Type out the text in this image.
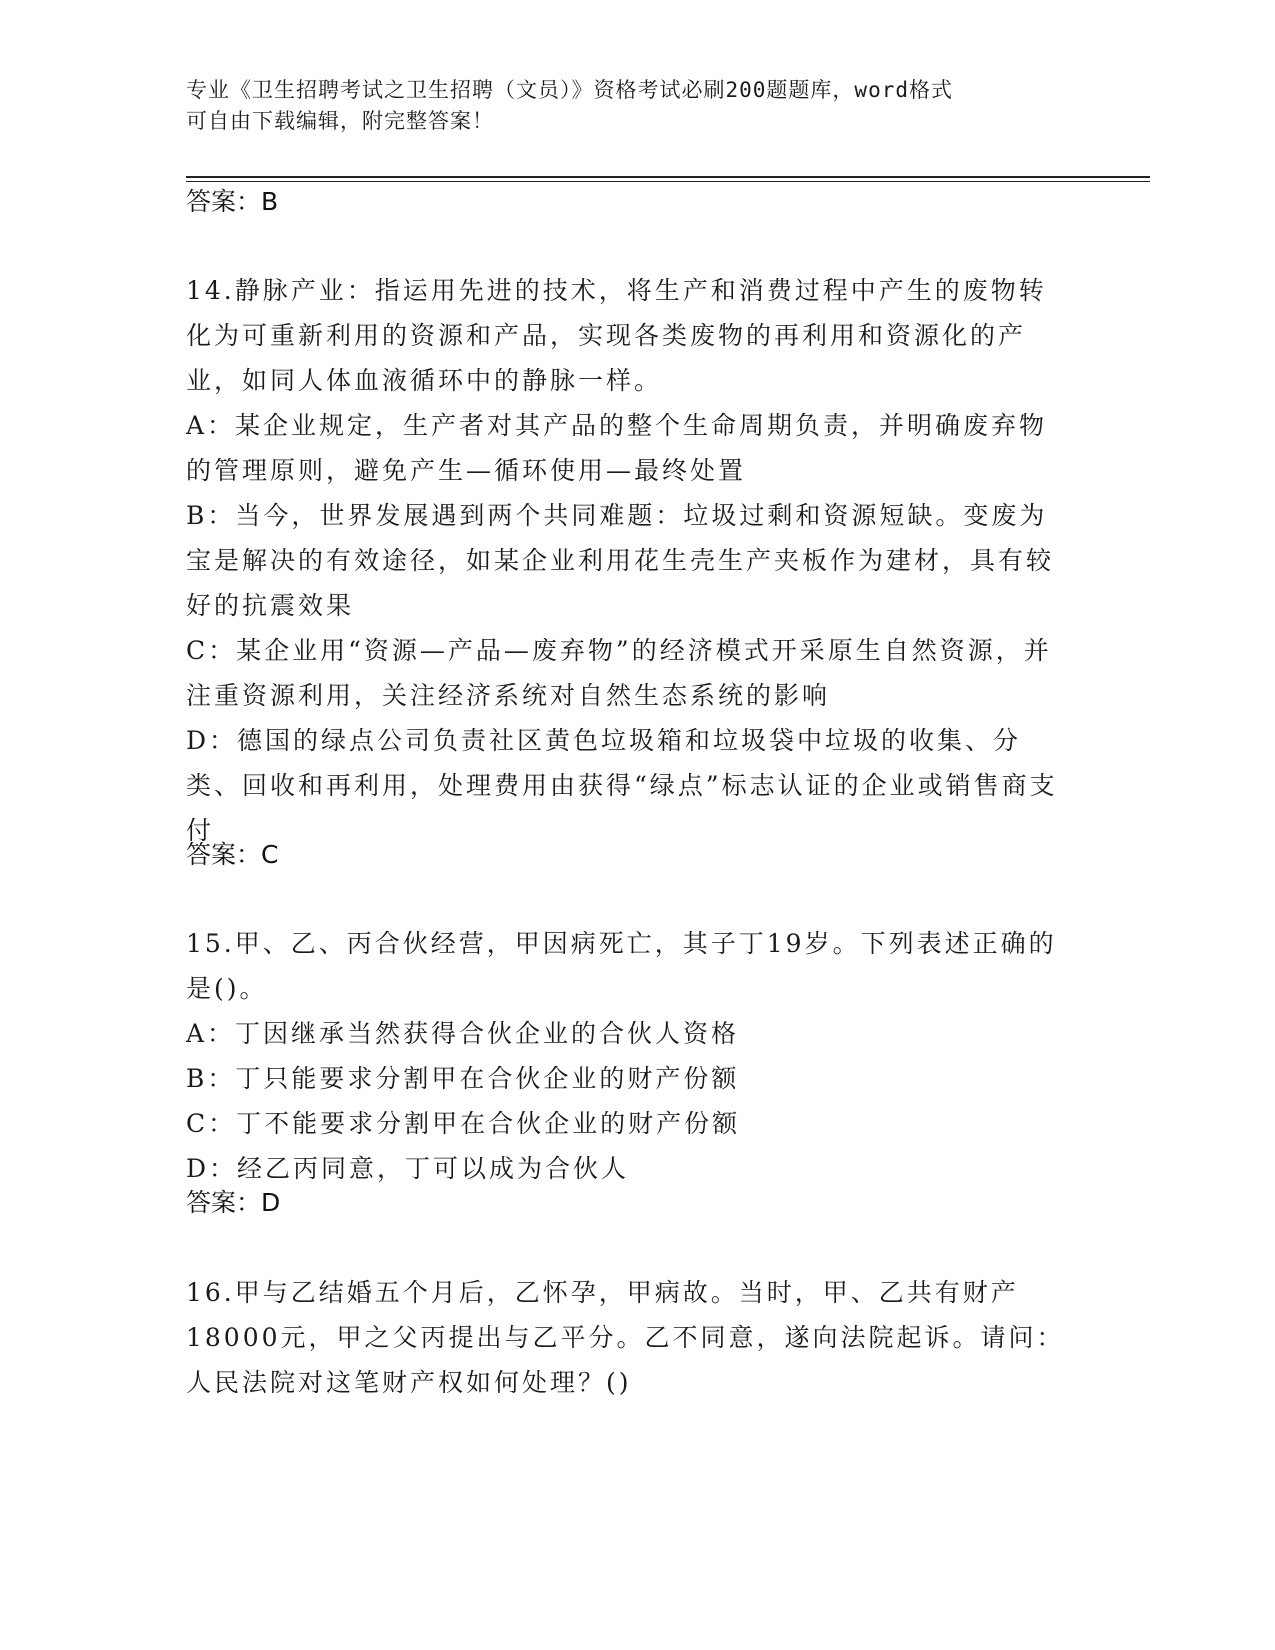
专业《卫生招聘考试之卫生招聘（文员）》资格考试必刷200题题库，word格式
可自由下载编辑，附完整答案！
答案：B

14.静脉产业：指运用先进的技术，将生产和消费过程中产生的废物转化为可重新利用的资源和产品，实现各类废物的再利用和资源化的产业，如同人体血液循环中的静脉一样。

A：某企业规定，生产者对其产品的整个生命周期负责，并明确废弃物的管理原则，避免产生—循环使用—最终处置

B：当今，世界发展遇到两个共同难题：垃圾过剩和资源短缺。变废为宝是解决的有效途径，如某企业利用花生壳生产夹板作为建材，具有较好的抗震效果

C：某企业用“资源—产品—废弃物”的经济模式开采原生自然资源，并注重资源利用，关注经济系统对自然生态系统的影响

D：德国的绿点公司负责社区黄色垃圾箱和垃圾袋中垃圾的收集、分类、回收和再利用，处理费用由获得“绿点”标志认证的企业或销售商支付

答案：C

15.甲、乙、丙合伙经营，甲因病死亡，其子丁19岁。下列表述正确的是()。

A：丁因继承当然获得合伙企业的合伙人资格

B：丁只能要求分割甲在合伙企业的财产份额

C：丁不能要求分割甲在合伙企业的财产份额

D：经乙丙同意，丁可以成为合伙人

答案：D

16.甲与乙结婚五个月后，乙怀孕，甲病故。当时，甲、乙共有财产18000元，甲之父丙提出与乙平分。乙不同意，遂向法院起诉。请问：人民法院对这笔财产权如何处理？()
